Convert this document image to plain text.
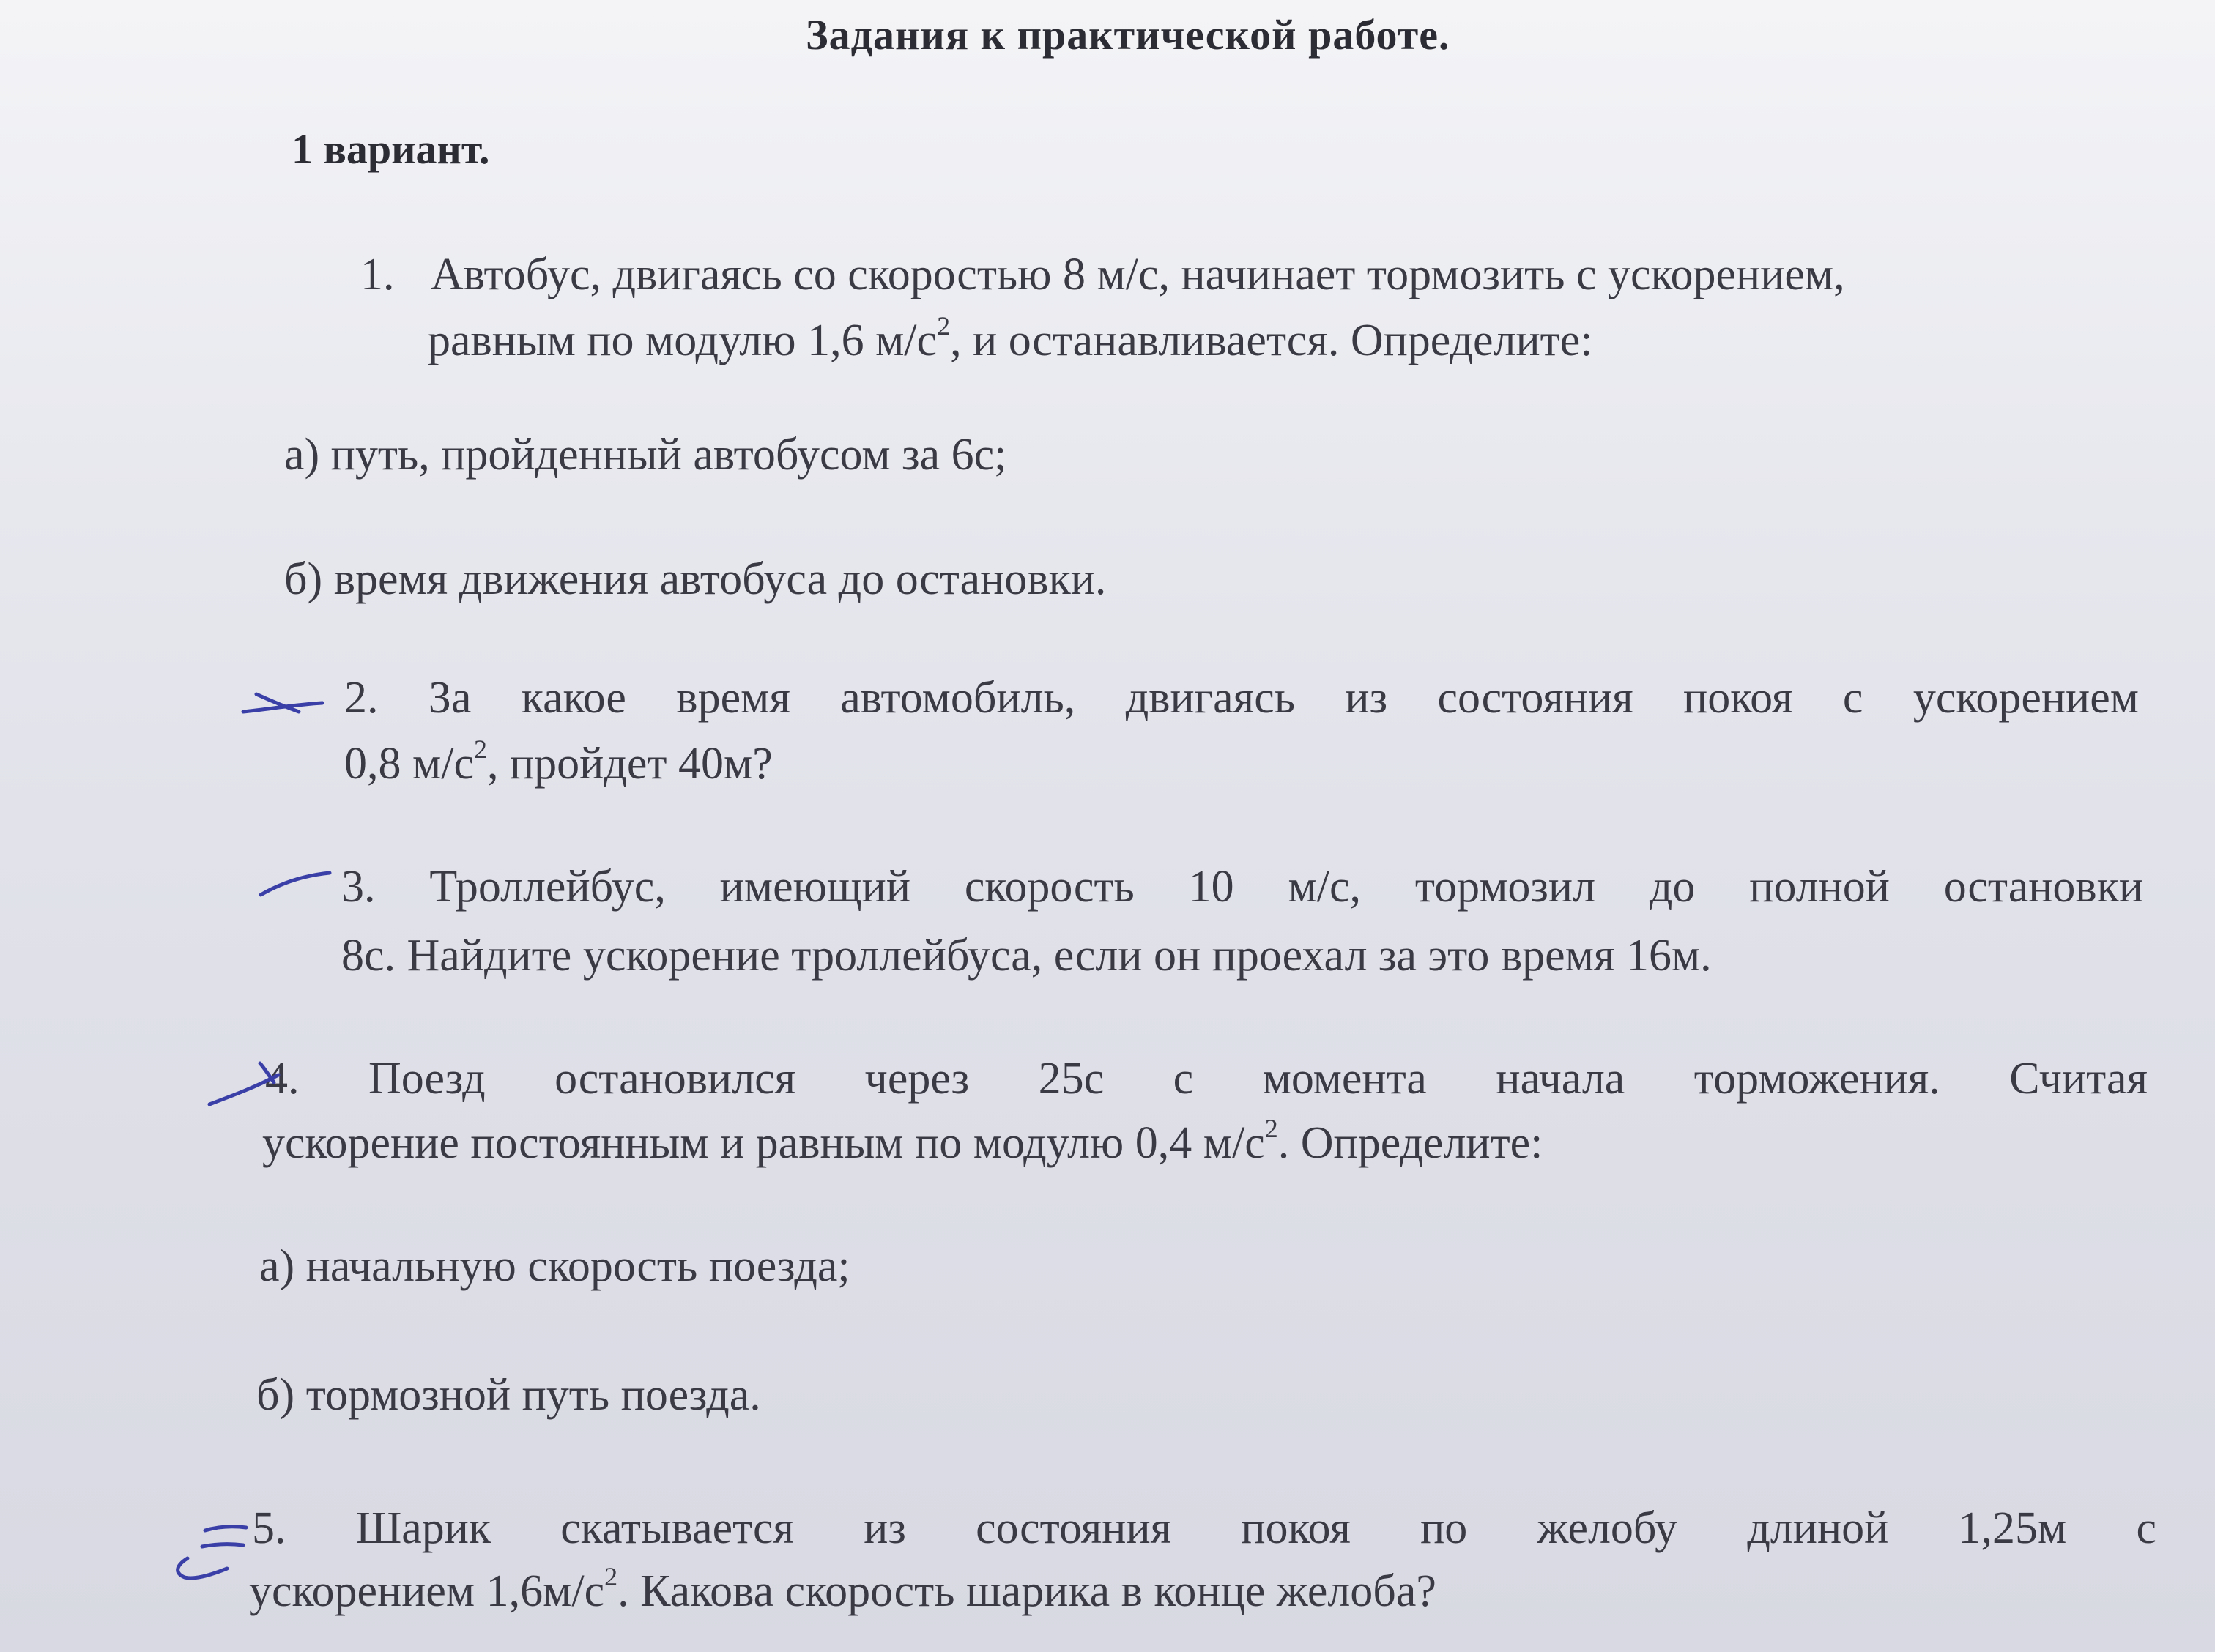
Задания к практической работе.
1 вариант.
1. Автобус, двигаясь со скоростью 8 м/с, начинает тормозить с ускорением,
равным по модулю 1,6 $м/с^2$, и останавливается. Определите:
а) путь, пройденный автобусом за 6с;
б) время движения автобуса до остановки.
2. За какое время автомобиль, двигаясь из состояния покоя с ускорением
0,8 $м/с^2$, пройдет 40м?
3. Троллейбус, имеющий скорость 10 м/с, тормозил до полной остановки
8с. Найдите ускорение троллейбуса, если он проехал за это время 16м.
4. Поезд остановился через 25с с момента начала торможения. Считая
ускорение постоянным и равным по модулю 0,4 $м/с^2$. Определите:
а) начальную скорость поезда;
б) тормозной путь поезда.
5. Шарик скатывается из состояния покоя по желобу длиной 1,25м с
ускорением $1,6м/с^2$. Какова скорость шарика в конце желоба?
